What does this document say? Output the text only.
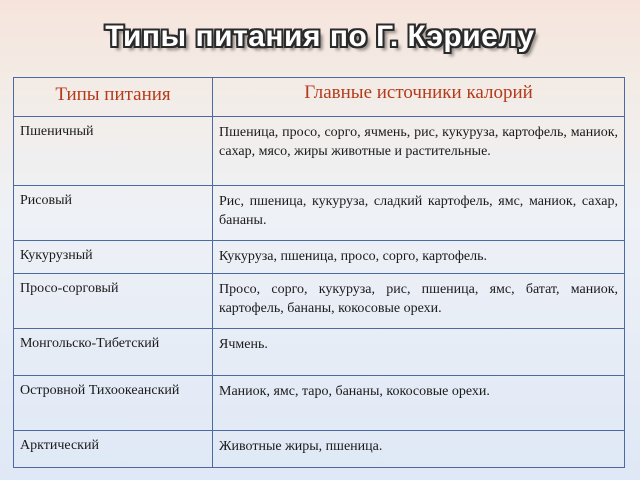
Типы питания по Г. Кэриелу
Типы питания	Главные источники калорий
Пшеничный	Пшеница, просо, сорго, ячмень, рис, кукуруза, картофель, маниок, сахар, мясо, жиры животные и растительные.
Рисовый	Рис, пшеница, кукуруза, сладкий картофель, ямс, маниок, сахар, бананы.
Кукурузный	Кукуруза, пшеница, просо, сорго, картофель.
Просо-сорговый	Просо, сорго, кукуруза, рис, пшеница, ямс, батат, маниок, картофель, бананы, кокосовые орехи.
Монгольско-Тибетский	Ячмень.
Островной Тихоокеанский	Маниок, ямс, таро, бананы, кокосовые орехи.
Арктический	Животные жиры, пшеница.
